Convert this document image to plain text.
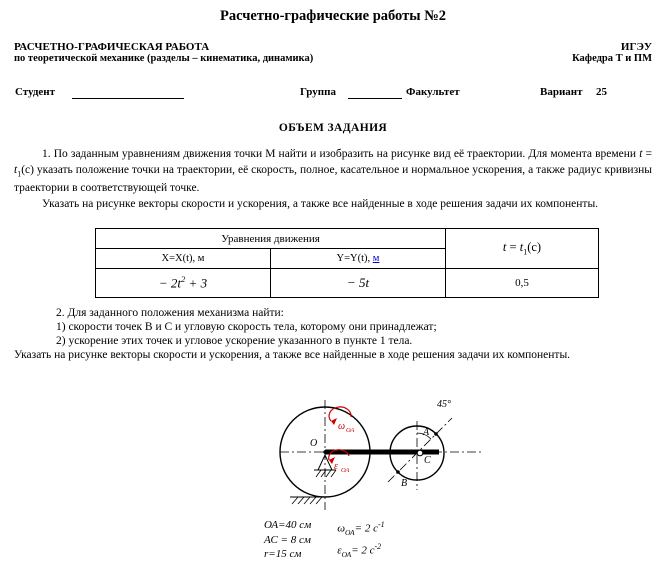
Расчетно-графические работы №2
РАСЧЕТНО-ГРАФИЧЕСКАЯ РАБОТА	ИГЭУ
по теоретической механике (разделы – кинематика, динамика)	Кафедра Т и ПМ
Студент	Группа	Факультет	Вариант 25
ОБЪЕМ ЗАДАНИЯ

1. По заданным уравнениям движения точки М найти и изобразить на рисунке вид её траектории. Для момента времени $t = t_1(с)$ указать положение точки на траектории, её скорость, полное, касательное и нормальное ускорения, а также радиус кривизны траектории в соответствующей точке.

Указать на рисунке векторы скорости и ускорения, а также все найденные в ходе решения задачи их компоненты.

Уравнения движения		$t = t_1(с)$
X=X(t), м	Y=Y(t), м	
− $2t^2 + 3$	− 5t	0,5
2. Для заданного положения механизма найти:
1) скорости точек В и С и угловую скорость тела, которому они принадлежат;
2) ускорение этих точек и угловое ускорение указанного в пункте 1 тела.
Указать на рисунке векторы скорости и ускорения, а также все найденные в ходе решения задачи их компоненты.
O
A
B
C
45°
ω ОА
ε ОА
ОА=40 см
АС = 8 см
r=15 см
$\omega_{ОА}= 2$ $с^{-1}$
$\varepsilon_{ОА}= 2$ $с^{-2}$
